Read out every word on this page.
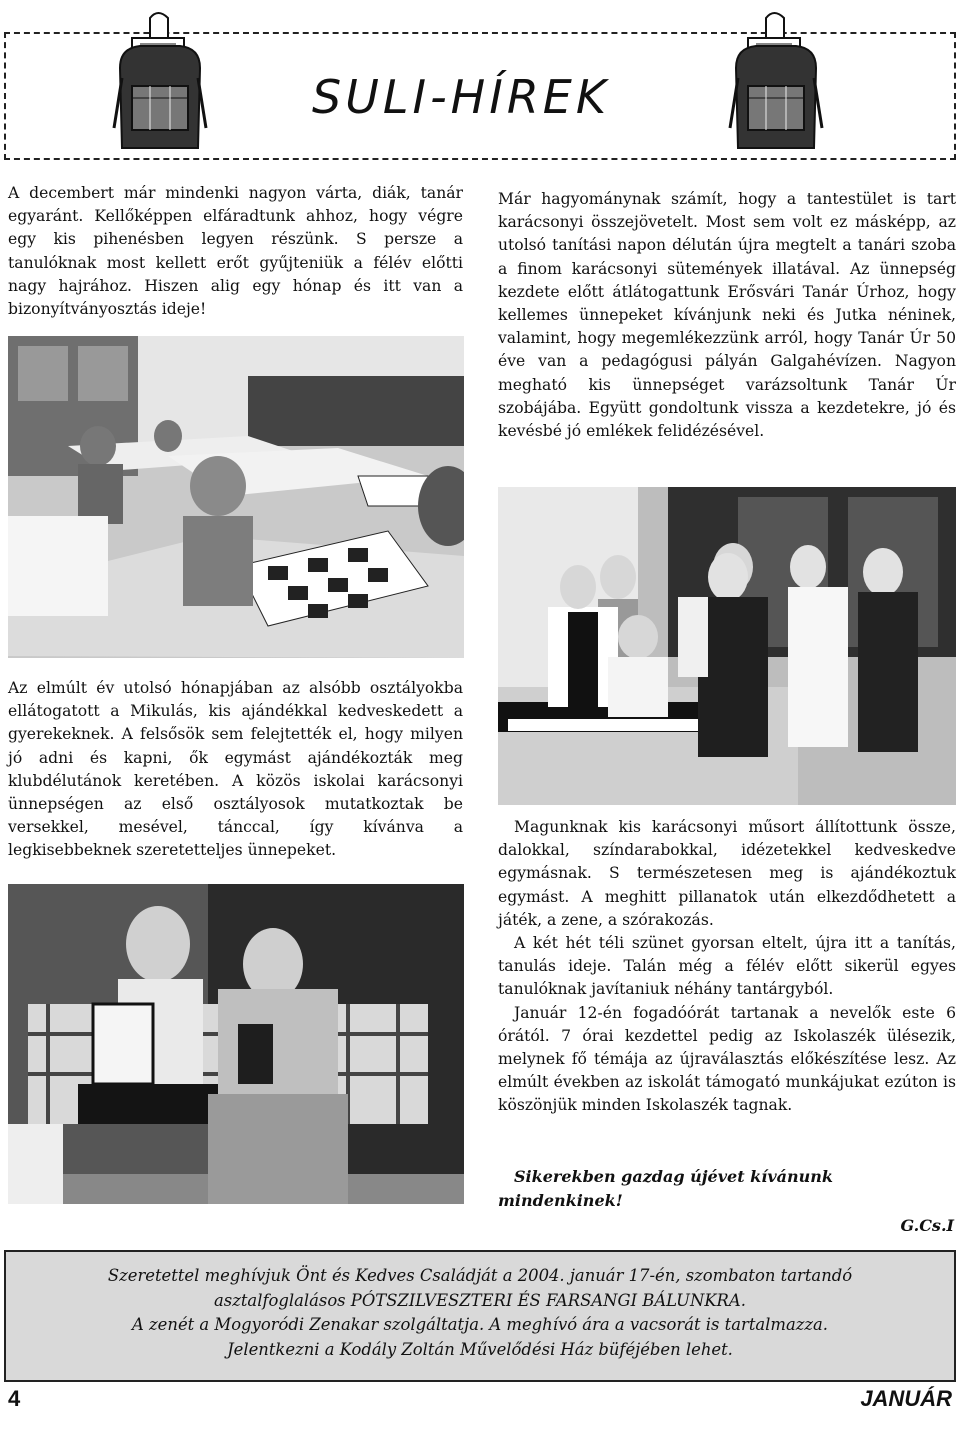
SULI-HÍREK
A decembert már mindenki nagyon várta, diák, tanár egyaránt. Kellőképpen elfáradtunk ahhoz, hogy végre egy kis pihenésben legyen részünk. S persze a tanulóknak most kellett erőt gyűjteniük a félév előtti nagy hajrához. Hiszen alig egy hónap és itt van a bizonyítványosztás ideje!
Már hagyománynak számít, hogy a tantestület is tart karácsonyi összejövetelt. Most sem volt ez másképp, az utolsó tanítási napon délután újra megtelt a tanári szoba a finom karácsonyi sütemények illatával. Az ünnepség kezdete előtt átlátogattunk Erősvári Tanár Úrhoz, hogy kellemes ünnepeket kívánjunk neki és Jutka néninek, valamint, hogy megemlékezzünk arról, hogy Tanár Úr 50 éve van a pedagógusi pályán Galgahévízen. Nagyon megható kis ünnepséget varázsoltunk Tanár Úr szobájába. Együtt gondoltunk vissza a kezdetekre, jó és kevésbé jó emlékek felidézésével.
Az elmúlt év utolsó hónapjában az alsóbb osztályokba ellátogatott a Mikulás, kis ajándékkal kedveskedett a gyerekeknek. A felsősök sem felejtették el, hogy milyen jó adni és kapni, ők egymást ajándékozták meg klubdélutánok keretében. A közös iskolai karácsonyi ünnepségen az első osztályosok mutatkoztak be versekkel, mesével, tánccal, így kívánva a legkisebbeknek szeretetteljes ünnepeket.

Magunknak kis karácsonyi műsort állítottunk össze, dalokkal, színdarabokkal, idézetekkel kedveskedve egymásnak. S természetesen meg is ajándékoztuk egymást. A meghitt pillanatok után elkezdődhetett a játék, a zene, a szórakozás.

A két hét téli szünet gyorsan eltelt, újra itt a tanítás, tanulás ideje. Talán még a félév előtt sikerül egyes tanulóknak javítaniuk néhány tantárgyból.

Január 12-én fogadóórát tartanak a nevelők este 6 órától. 7 órai kezdettel pedig az Iskolaszék ülésezik, melynek fő témája az újraválasztás előkészítése lesz. Az elmúlt években az iskolát támogató munkájukat ezúton is köszönjük minden Iskolaszék tagnak.

Sikerekben gazdag újévet kívánunk mindenkinek!
G.Cs.I
Szeretettel meghívjuk Önt és Kedves Családját a 2004. január 17-én, szombaton tartandó
asztalfoglalásos PÓTSZILVESZTERI ÉS FARSANGI BÁLUNKRA.
A zenét a Mogyoródi Zenakar szolgáltatja. A meghívó ára a vacsorát is tartalmazza.
Jelentkezni a Kodály Zoltán Művelődési Ház büféjében lehet.
4	JANUÁR
